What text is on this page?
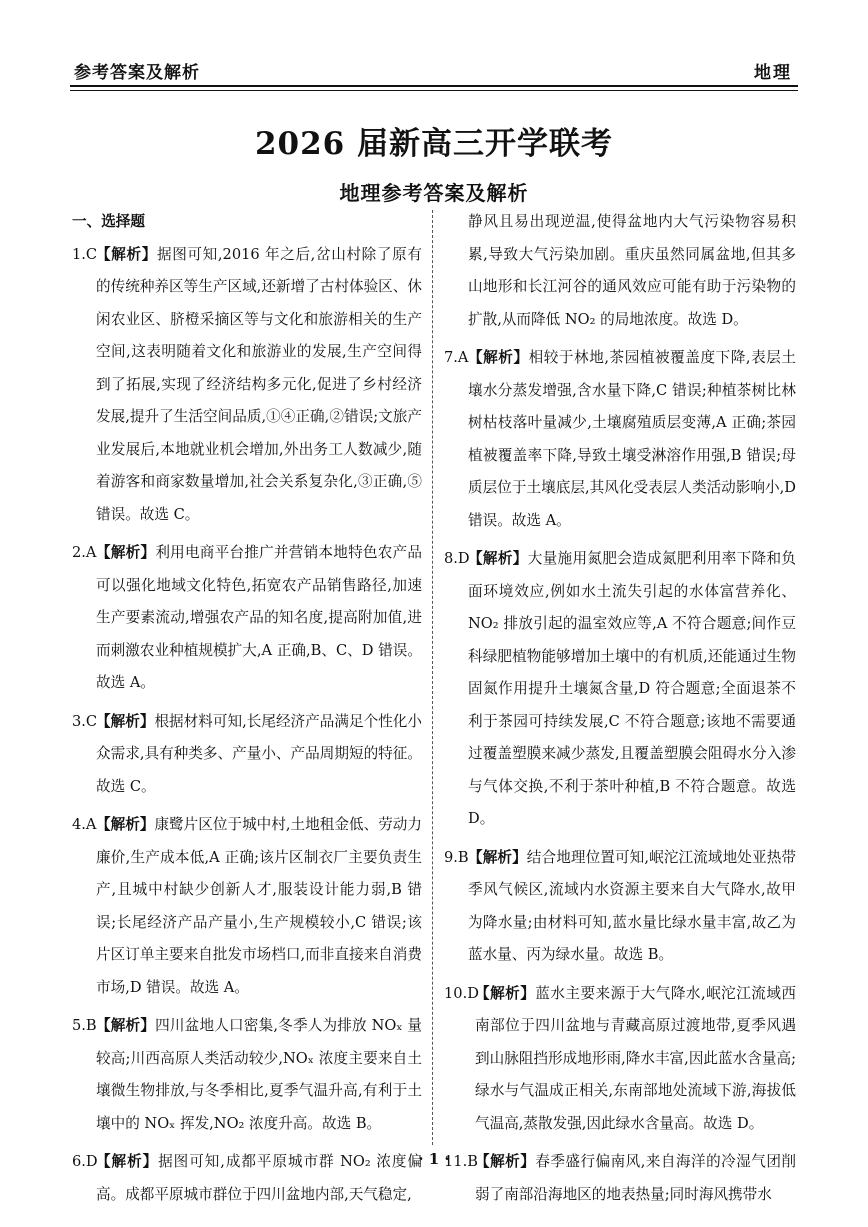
参考答案及解析	地理
2026 届新高三开学联考
地理参考答案及解析
一、选择题
1.C
【解析】据图可知,2016 年之后,岔山村除了原有的传统种养区等生产区域,还新增了古村体验区、休闲农业区、脐橙采摘区等与文化和旅游相关的生产空间,这表明随着文化和旅游业的发展,生产空间得到了拓展,实现了经济结构多元化,促进了乡村经济发展,提升了生活空间品质,①④正确,②错误;文旅产业发展后,本地就业机会增加,外出务工人数减少,随着游客和商家数量增加,社会关系复杂化,③正确,⑤错误。故选 C。
2.A 【解析】利用电商平台推广并营销本地特色农产品可以强化地域文化特色,拓宽农产品销售路径,加速生产要素流动,增强农产品的知名度,提高附加值,进而刺激农业种植规模扩大,A 正确,B、C、D 错误。故选 A。
3.C
【解析】根据材料可知,长尾经济产品满足个性化小众需求,具有种类多、产量小、产品周期短的特征。故选 C。
4.A 【解析】康鹭片区位于城中村,土地租金低、劳动力廉价,生产成本低,A 正确;该片区制衣厂主要负责生产,且城中村缺少创新人才,服装设计能力弱,B 错误;长尾经济产品产量小,生产规模较小,C 错误;该片区订单主要来自批发市场档口,而非直接来自消费市场,D 错误。故选 A。
5.B 【解析】四川盆地人口密集,冬季人为排放 NOₓ 量较高;川西高原人类活动较少,NOₓ 浓度主要来自土壤微生物排放,与冬季相比,夏季气温升高,有利于土壤中的 NOₓ 挥发,NO₂ 浓度升高。故选 B。
6.D
【解析】据图可知,成都平原城市群 NO₂ 浓度偏高。成都平原城市群位于四川盆地内部,天气稳定,
静风且易出现逆温,使得盆地内大气污染物容易积累,导致大气污染加剧。重庆虽然同属盆地,但其多山地形和长江河谷的通风效应可能有助于污染物的扩散,从而降低 NO₂ 的局地浓度。故选 D。
7.A 【解析】相较于林地,茶园植被覆盖度下降,表层土壤水分蒸发增强,含水量下降,C 错误;种植茶树比林树枯枝落叶量减少,土壤腐殖质层变薄,A 正确;茶园植被覆盖率下降,导致土壤受淋溶作用强,B 错误;母质层位于土壤底层,其风化受表层人类活动影响小,D 错误。故选 A。
8.D
【解析】大量施用氮肥会造成氮肥利用率下降和负面环境效应,例如水土流失引起的水体富营养化、NO₂ 排放引起的温室效应等,A 不符合题意;间作豆科绿肥植物能够增加土壤中的有机质,还能通过生物固氮作用提升土壤氮含量,D 符合题意;全面退茶不利于茶园可持续发展,C 不符合题意;该地不需要通过覆盖塑膜来减少蒸发,且覆盖塑膜会阻碍水分入渗与气体交换,不利于茶叶种植,B 不符合题意。故选 D。
9.B 【解析】结合地理位置可知,岷沱江流域地处亚热带季风气候区,流域内水资源主要来自大气降水,故甲为降水量;由材料可知,蓝水量比绿水量丰富,故乙为蓝水量、丙为绿水量。故选 B。
10.D
【解析】蓝水主要来源于大气降水,岷沱江流域西南部位于四川盆地与青藏高原过渡地带,夏季风遇到山脉阻挡形成地形雨,降水丰富,因此蓝水含量高;绿水与气温成正相关,东南部地处流域下游,海拔低气温高,蒸散发强,因此绿水含量高。故选 D。
11.B
【解析】春季盛行偏南风,来自海洋的冷湿气团削弱了南部沿海地区的地表热量;同时海风携带水
· 1 ·
